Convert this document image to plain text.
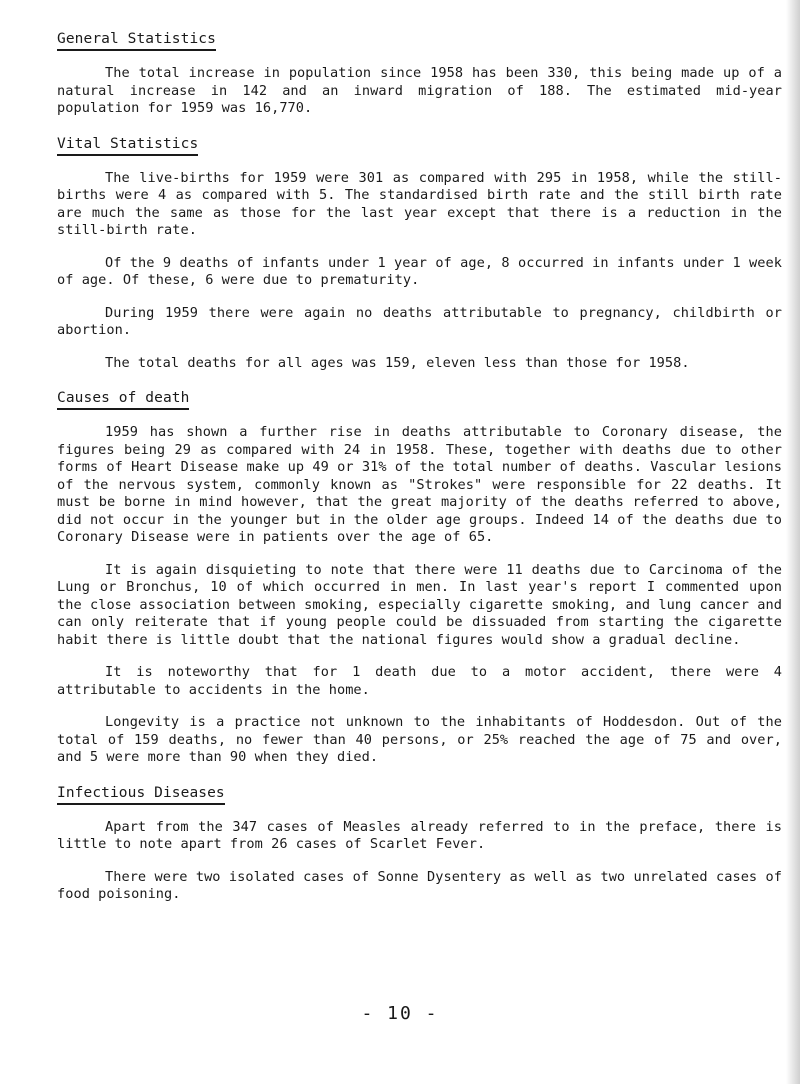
General Statistics

The total increase in population since 1958 has been 330, this being made up of a natural increase in 142 and an inward migration of 188. The estimated mid-year population for 1959 was 16,770.

Vital Statistics

The live-births for 1959 were 301 as compared with 295 in 1958, while the still-births were 4 as compared with 5. The standardised birth rate and the still birth rate are much the same as those for the last year except that there is a reduction in the still-birth rate.

Of the 9 deaths of infants under 1 year of age, 8 occurred in infants under 1 week of age. Of these, 6 were due to prematurity.

During 1959 there were again no deaths attributable to pregnancy, childbirth or abortion.

The total deaths for all ages was 159, eleven less than those for 1958.

Causes of death

1959 has shown a further rise in deaths attributable to Coronary disease, the figures being 29 as compared with 24 in 1958. These, together with deaths due to other forms of Heart Disease make up 49 or 31% of the total number of deaths. Vascular lesions of the nervous system, commonly known as "Strokes" were responsible for 22 deaths. It must be borne in mind however, that the great majority of the deaths referred to above, did not occur in the younger but in the older age groups. Indeed 14 of the deaths due to Coronary Disease were in patients over the age of 65.

It is again disquieting to note that there were 11 deaths due to Carcinoma of the Lung or Bronchus, 10 of which occurred in men. In last year's report I commented upon the close association between smoking, especially cigarette smoking, and lung cancer and can only reiterate that if young people could be dissuaded from starting the cigarette habit there is little doubt that the national figures would show a gradual decline.

It is noteworthy that for 1 death due to a motor accident, there were 4 attributable to accidents in the home.

Longevity is a practice not unknown to the inhabitants of Hoddesdon. Out of the total of 159 deaths, no fewer than 40 persons, or 25% reached the age of 75 and over, and 5 were more than 90 when they died.

Infectious Diseases

Apart from the 347 cases of Measles already referred to in the preface, there is little to note apart from 26 cases of Scarlet Fever.

There were two isolated cases of Sonne Dysentery as well as two unrelated cases of food poisoning.

- 10 -
